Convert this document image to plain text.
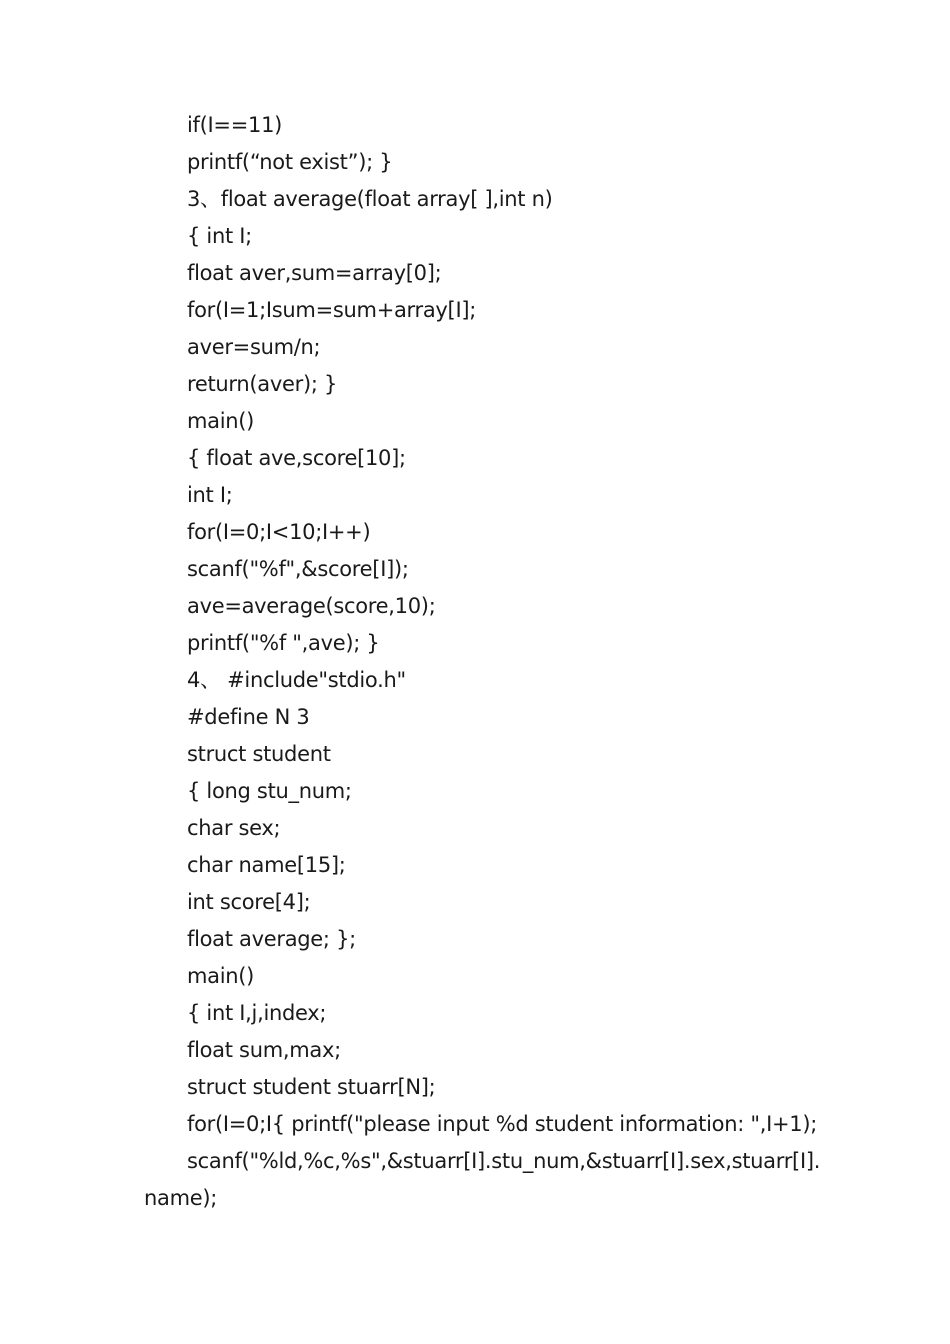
if(I==11)
printf(“not exist”); }
3、float average(float array[ ],int n)
{ int I;
float aver,sum=array[0];
for(I=1;Isum=sum+array[I];
aver=sum/n;
return(aver); }
main()
{ float ave,score[10];
int I;
for(I=0;I<10;I++)
scanf("%f",&score[I]);
ave=average(score,10);
printf("%f ",ave); }
4、 #include"stdio.h"
#define N 3
struct student
{ long stu_num;
char sex;
char name[15];
int score[4];
float average; };
main()
{ int I,j,index;
float sum,max;
struct student stuarr[N];
for(I=0;I{ printf("please input %d student information: ",I+1);
scanf("%ld,%c,%s",&stuarr[I].stu_num,&stuarr[I].sex,stuarr[I].
name);
